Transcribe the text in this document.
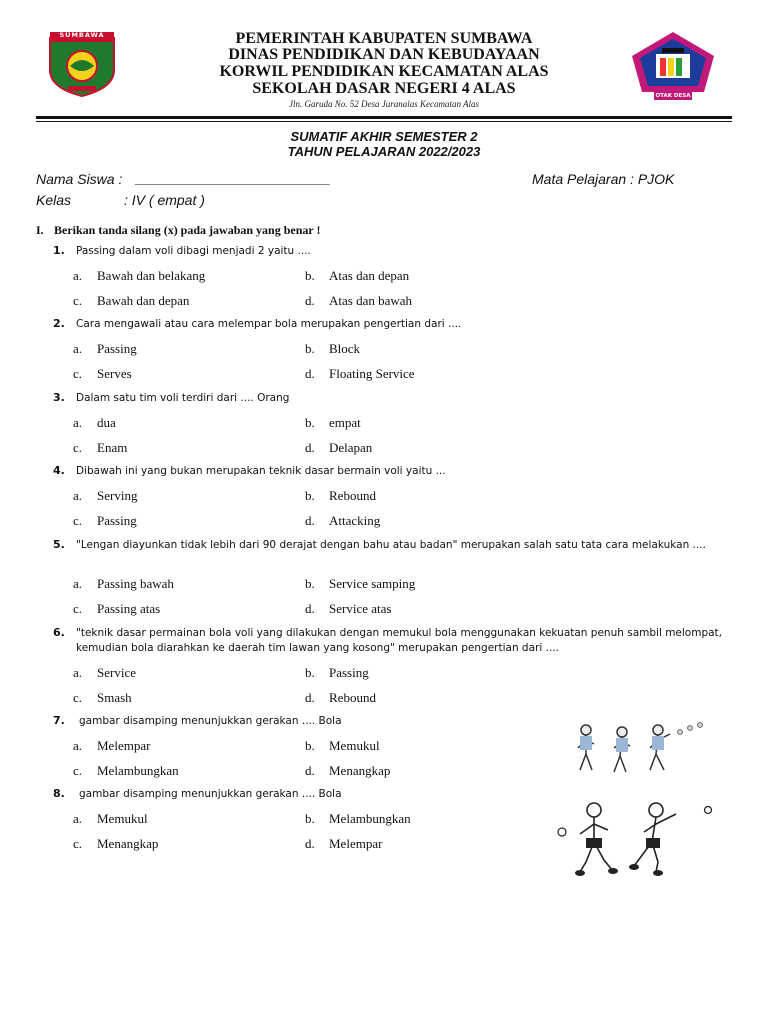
SUMBAWA
OTAK DESA
PEMERINTAH KABUPATEN SUMBAWA
DINAS PENDIDIKAN DAN KEBUDAYAAN
KORWIL PENDIDIKAN KECAMATAN ALAS
SEKOLAH DASAR NEGERI 4 ALAS
Jln. Garuda No. 52 Desa Juranalas Kecamatan Alas
SUMATIF AKHIR SEMESTER 2
TAHUN PELAJARAN 2022/2023
Nama Siswa : _________________________	Mata Pelajaran : PJOK
Kelas	: IV ( empat )
I. Berikan tanda silang (x) pada jawaban yang benar !
1. Passing dalam voli dibagi menjadi 2 yaitu ....
a. Bawah dan belakang	b. Atas dan depan
c. Bawah dan depan	d. Atas dan bawah
2. Cara mengawali atau cara melempar bola merupakan pengertian dari ....
a. Passing	b. Block
c. Serves	d. Floating Service
3. Dalam satu tim voli terdiri dari .... Orang
a. dua	b. empat
c. Enam	d. Delapan
4. Dibawah ini yang bukan merupakan teknik dasar bermain voli yaitu ...
a. Serving	b. Rebound
c. Passing	d. Attacking
5. "Lengan diayunkan tidak lebih dari 90 derajat dengan bahu atau badan" merupakan salah satu tata cara melakukan ....
a. Passing bawah	b. Service samping
c. Passing atas	d. Service atas
6. "teknik dasar permainan bola voli yang dilakukan dengan memukul bola menggunakan kekuatan penuh sambil melompat, kemudian bola diarahkan ke daerah tim lawan yang kosong" merupakan pengertian dari ....
a. Service	b. Passing
c. Smash	d. Rebound
7. gambar disamping menunjukkan gerakan .... Bola
a. Melempar	b. Memukul
c. Melambungkan	d. Menangkap
8. gambar disamping menunjukkan gerakan .... Bola
a. Memukul	b. Melambungkan
c. Menangkap	d. Melempar
